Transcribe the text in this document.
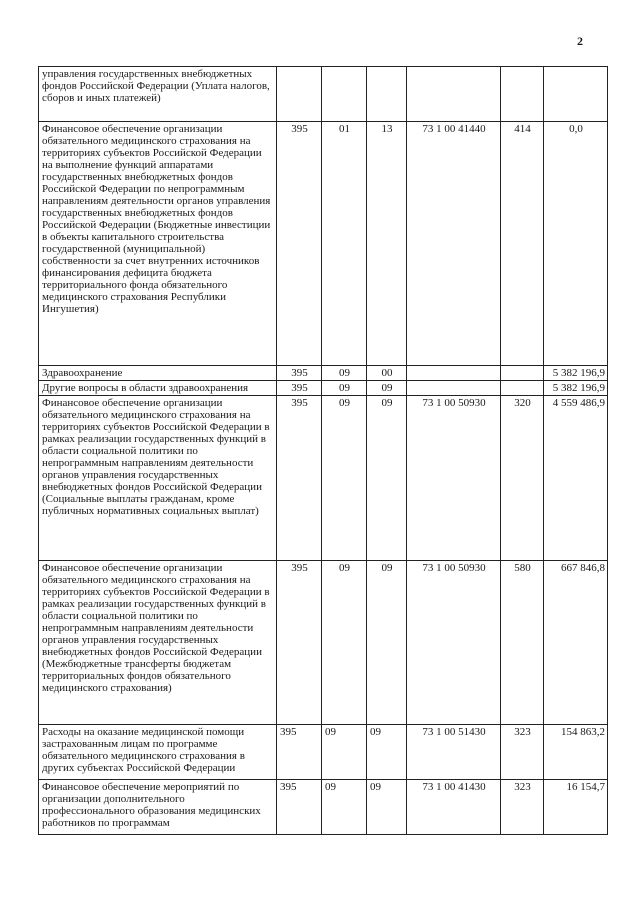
2
управления государственных внебюджетных фондов Российской Федерации (Уплата налогов, сборов и иных платежей)						
Финансовое обеспечение организации обязательного медицинского страхования на территориях субъектов Российской Федерации на выполнение функций аппаратами государственных внебюджетных фондов Российской Федерации по непрограммным направлениям деятельности органов управления государственных внебюджетных фондов Российской Федерации (Бюджетные инвестиции в объекты капитального строительства государственной (муниципальной) собственности за счет внутренних источников финансирования дефицита бюджета территориального фонда обязательного медицинского страхования Республики Ингушетия)	395	01	13	73 1 00 41440	414	0,0
Здравоохранение	395	09	00			5 382 196,9
Другие вопросы в области здравоохранения	395	09	09			5 382 196,9
Финансовое обеспечение организации обязательного медицинского страхования на территориях субъектов Российской Федерации в рамках реализации государственных функций в области социальной политики по непрограммным направлениям деятельности органов управления государственных внебюджетных фондов Российской Федерации (Социальные выплаты гражданам, кроме публичных нормативных социальных выплат)	395	09	09	73 1 00 50930	320	4 559 486,9
Финансовое обеспечение организации обязательного медицинского страхования на территориях субъектов Российской Федерации в рамках реализации государственных функций в области социальной политики по непрограммным направлениям деятельности органов управления государственных внебюджетных фондов Российской Федерации (Межбюджетные трансферты бюджетам территориальных фондов обязательного медицинского страхования)	395	09	09	73 1 00 50930	580	667 846,8
Расходы на оказание медицинской помощи застрахованным лицам по программе обязательного медицинского страхования в других субъектах Российской Федерации	395	09	09	73 1 00 51430	323	154 863,2
Финансовое обеспечение мероприятий по организации дополнительного профессионального образования медицинских работников по программам	395	09	09	73 1 00 41430	323	16 154,7
